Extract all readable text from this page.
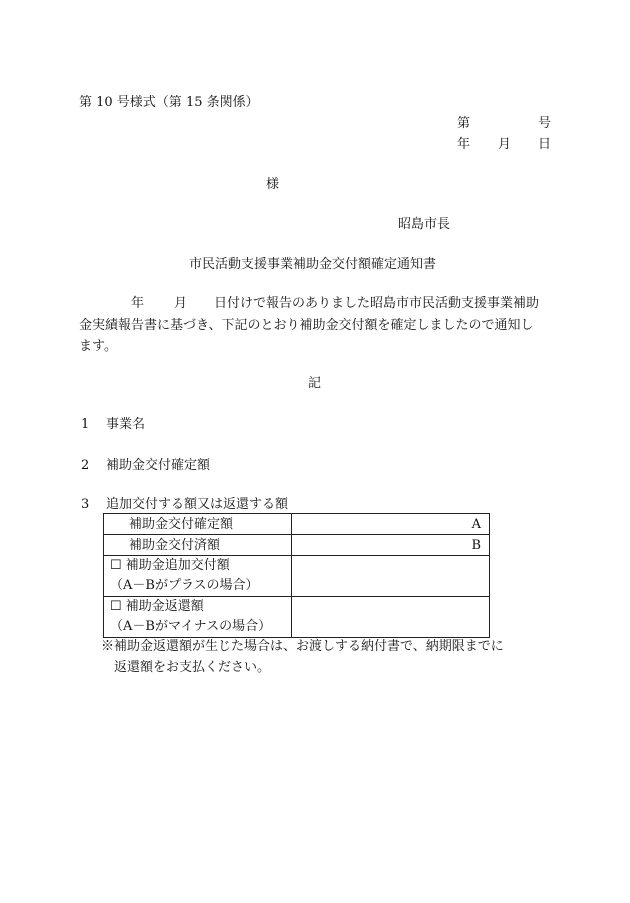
第 10 号様式（第 15 条関係）
第	号
年 月 日
様
昭島市長
市民活動支援事業補助金交付額確定通知書
年 月 日付けで報告のありました昭島市市民活動支援事業補助
金実績報告書に基づき、下記のとおり補助金交付額を確定しましたので通知し
ます。
記
1 事業名
2 補助金交付確定額
3 追加交付する額又は返還する額
補助金交付確定額	A
補助金交付済額	B

☐ 補助金追加交付額
（A－Bがプラスの場合）	

☐ 補助金返還額
（A－Bがマイナスの場合）	

※補助金返還額が生じた場合は、お渡しする納付書で、納期限までに
返還額をお支払ください。
